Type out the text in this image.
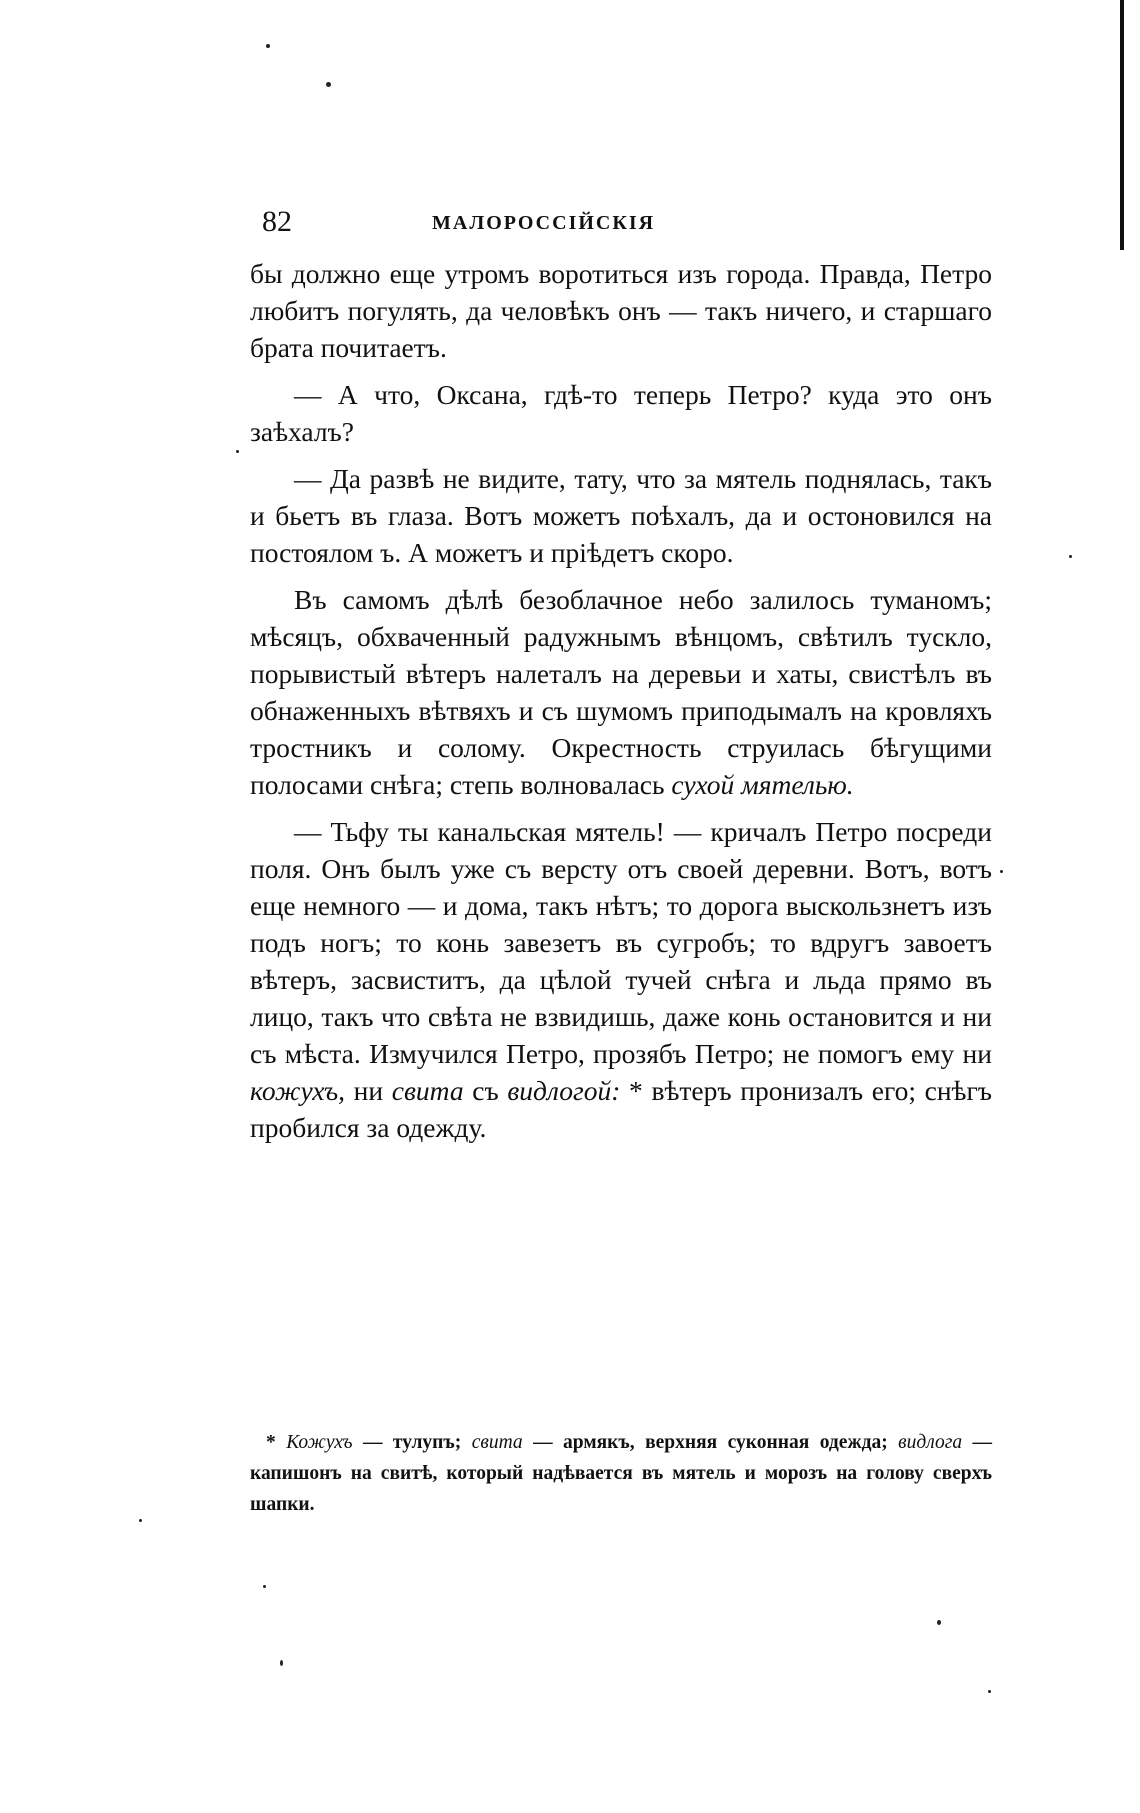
82	МАЛОРОССІЙСКІЯ

бы должно еще утромъ воротиться изъ города. Правда, Петро любитъ погулять, да человѣкъ онъ — такъ ничего, и старшаго брата почитаетъ.

— А что, Оксана, гдѣ-то теперь Петро? куда это онъ заѣхалъ?

— Да развѣ не видите, тату, что за мятель поднялась, такъ и бьетъ въ глаза. Вотъ можетъ поѣхалъ, да и остоновился на постоялом ъ. А можетъ и пріѣдетъ скоро.

Въ самомъ дѣлѣ безоблачное небо залилось туманомъ; мѣсяцъ, обхваченный радужнымъ вѣнцомъ, свѣтилъ тускло, порывистый вѣтеръ налеталъ на деревьи и хаты, свистѣлъ въ обнаженныхъ вѣтвяхъ и съ шумомъ приподымалъ на кровляхъ тростникъ и солому. Окрестность струилась бѣгущими полосами снѣга; степь волновалась сухой мятелью.

— Тьфу ты канальская мятель! — кричалъ Петро посреди поля. Онъ былъ уже съ версту отъ своей деревни. Вотъ, вотъ еще немного — и дома, такъ нѣтъ; то дорога выскользнетъ изъ подъ ногъ; то конь завезетъ въ сугробъ; то вдругъ завоетъ вѣтеръ, засвиститъ, да цѣлой тучей снѣга и льда прямо въ лицо, такъ что свѣта не взвидишь, даже конь остановится и ни съ мѣста. Измучился Петро, прозябъ Петро; не помогъ ему ни кожухъ, ни свита съ видлогой: * вѣтеръ пронизалъ его; снѣгъ пробился за одежду.

* Кожухъ — тулупъ; свита — армякъ, верхняя суконная одежда; видлога — капишонъ на свитѣ, который надѣвается въ мятель и морозъ на голову сверхъ шапки.
